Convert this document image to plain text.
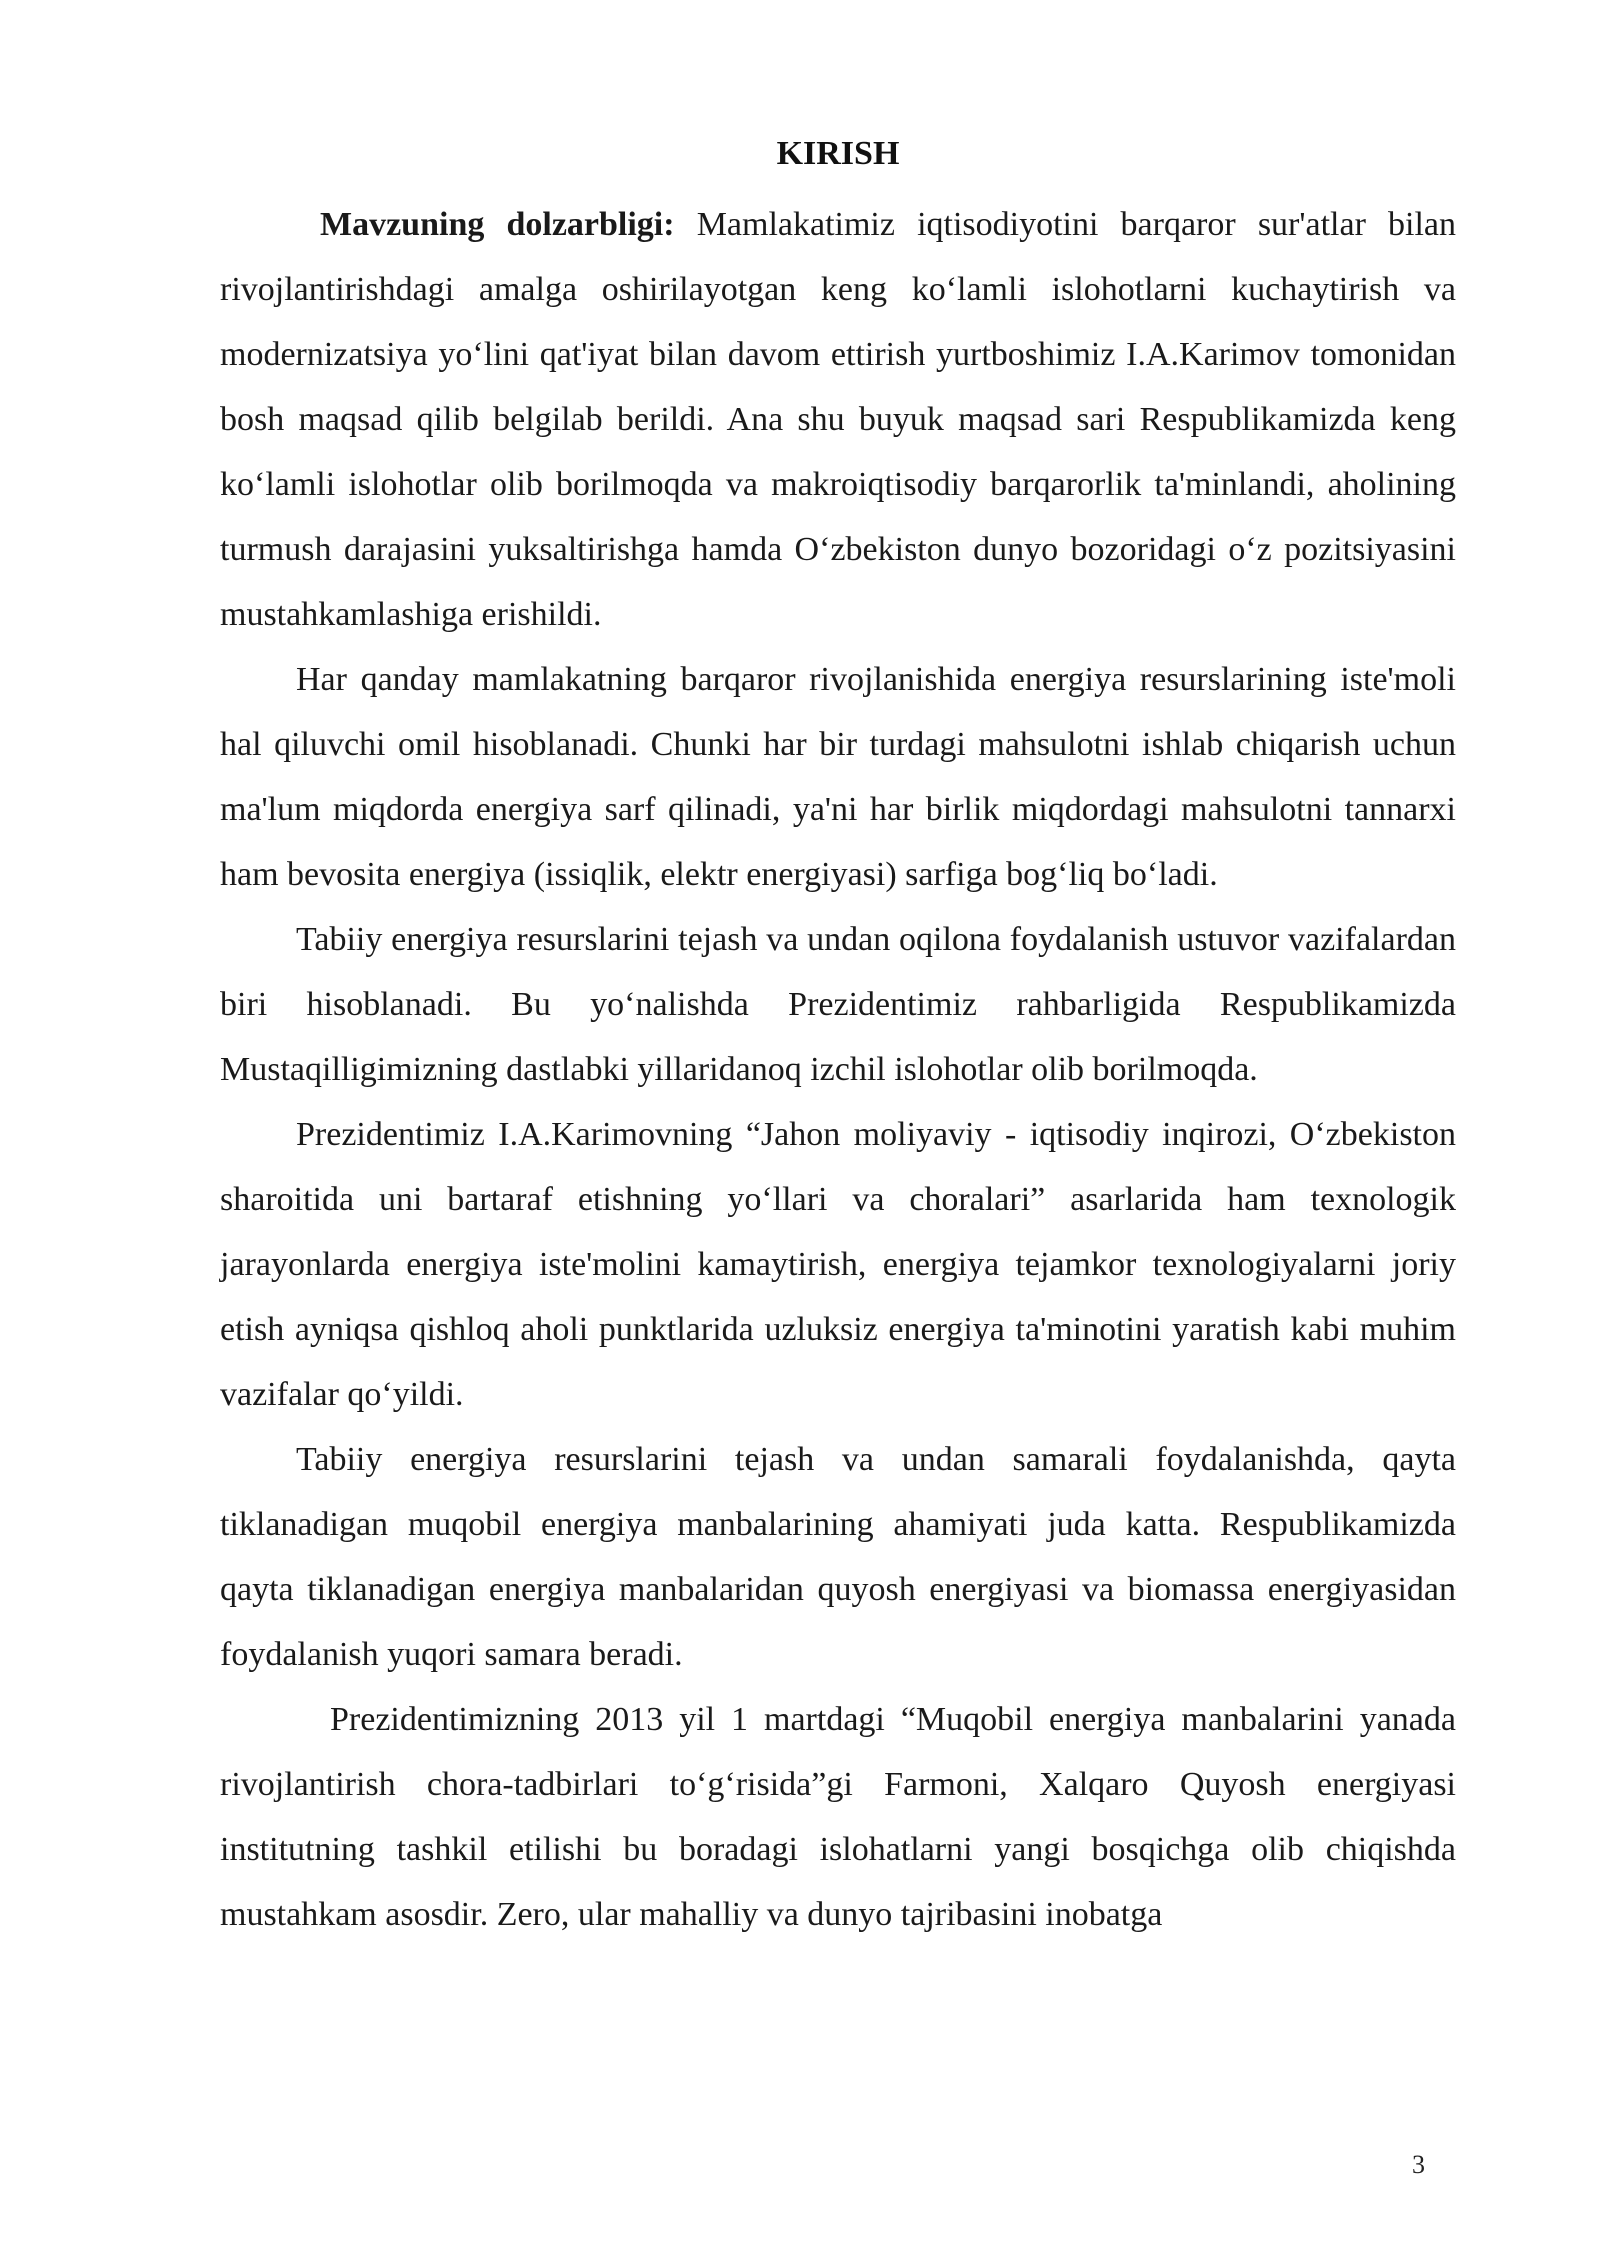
KIRISH

Mavzuning dolzarbligi: Mamlakatimiz iqtisodiyotini barqaror sur'atlar bilan rivojlantirishdagi amalga oshirilayotgan keng ko‘lamli islohotlarni kuchaytirish va modernizatsiya yo‘lini qat'iyat bilan davom ettirish yurtboshimiz I.A.Karimov tomonidan bosh maqsad qilib belgilab berildi. Ana shu buyuk maqsad sari Respublikamizda keng ko‘lamli islohotlar olib borilmoqda va makroiqtisodiy barqarorlik ta'minlandi, aholining turmush darajasini yuksaltirishga hamda O‘zbekiston dunyo bozoridagi o‘z pozitsiyasini mustahkamlashiga erishildi.

Har qanday mamlakatning barqaror rivojlanishida energiya resurslarining iste'moli hal qiluvchi omil hisoblanadi. Chunki har bir turdagi mahsulotni ishlab chiqarish uchun ma'lum miqdorda energiya sarf qilinadi, ya'ni har birlik miqdordagi mahsulotni tannarxi ham bevosita energiya (issiqlik, elektr energiyasi) sarfiga bog‘liq bo‘ladi.

Tabiiy energiya resurslarini tejash va undan oqilona foydalanish ustuvor vazifalardan biri hisoblanadi. Bu yo‘nalishda Prezidentimiz rahbarligida Respublikamizda Mustaqilligimizning dastlabki yillaridanoq izchil islohotlar olib borilmoqda.

Prezidentimiz I.A.Karimovning “Jahon moliyaviy - iqtisodiy inqirozi, O‘zbekiston sharoitida uni bartaraf etishning yo‘llari va choralari” asarlarida ham texnologik jarayonlarda energiya iste'molini kamaytirish, energiya tejamkor texnologiyalarni joriy etish ayniqsa qishloq aholi punktlarida uzluksiz energiya ta'minotini yaratish kabi muhim vazifalar qo‘yildi.

Tabiiy energiya resurslarini tejash va undan samarali foydalanishda, qayta tiklanadigan muqobil energiya manbalarining ahamiyati juda katta. Respublikamizda qayta tiklanadigan energiya manbalaridan quyosh energiyasi va biomassa energiyasidan foydalanish yuqori samara beradi.

Prezidentimizning 2013 yil 1 martdagi “Muqobil energiya manbalarini yanada rivojlantirish chora-tadbirlari to‘g‘risida”gi Farmoni, Xalqaro Quyosh energiyasi institutning tashkil etilishi bu boradagi islohatlarni yangi bosqichga olib chiqishda mustahkam asosdir. Zero, ular mahalliy va dunyo tajribasini inobatga

3
